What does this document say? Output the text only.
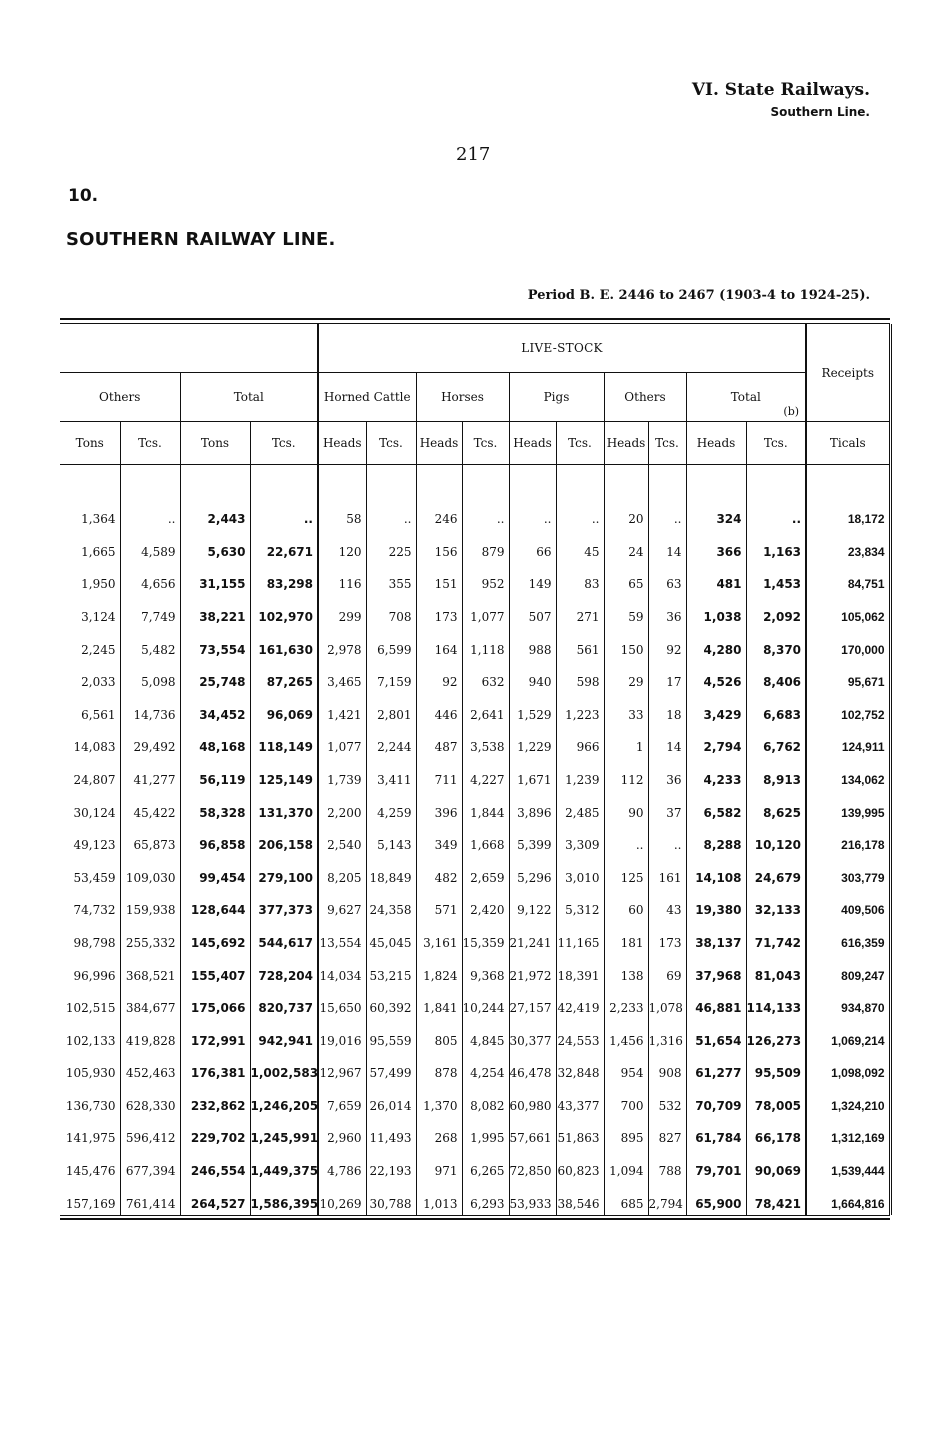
VI. State Railways.
Southern Line.
217
10.
SOUTHERN RAILWAY LINE.
Period B. E. 2446 to 2467 (1903-4 to 1924-25).
				LIVE-STOCK										Receipts
Others		Total		Horned Cattle		Horses		Pigs		Others		Total
(b)		

Tons	Tcs.	Tons	Tcs.	Heads	Tcs.	Heads	Tcs.	Heads	Tcs.	Heads	Tcs.	Heads	Tcs.	Ticals

1,364	..	2,443	..	58	..	246	..	..	..	20	..	324	..	18,172
1,665	4,589	5,630	22,671	120	225	156	879	66	45	24	14	366	1,163	23,834
1,950	4,656	31,155	83,298	116	355	151	952	149	83	65	63	481	1,453	84,751
3,124	7,749	38,221	102,970	299	708	173	1,077	507	271	59	36	1,038	2,092	105,062
2,245	5,482	73,554	161,630	2,978	6,599	164	1,118	988	561	150	92	4,280	8,370	170,000
2,033	5,098	25,748	87,265	3,465	7,159	92	632	940	598	29	17	4,526	8,406	95,671
6,561	14,736	34,452	96,069	1,421	2,801	446	2,641	1,529	1,223	33	18	3,429	6,683	102,752
14,083	29,492	48,168	118,149	1,077	2,244	487	3,538	1,229	966	1	14	2,794	6,762	124,911
24,807	41,277	56,119	125,149	1,739	3,411	711	4,227	1,671	1,239	112	36	4,233	8,913	134,062
30,124	45,422	58,328	131,370	2,200	4,259	396	1,844	3,896	2,485	90	37	6,582	8,625	139,995
49,123	65,873	96,858	206,158	2,540	5,143	349	1,668	5,399	3,309	..	..	8,288	10,120	216,178
53,459	109,030	99,454	279,100	8,205	18,849	482	2,659	5,296	3,010	125	161	14,108	24,679	303,779
74,732	159,938	128,644	377,373	9,627	24,358	571	2,420	9,122	5,312	60	43	19,380	32,133	409,506
98,798	255,332	145,692	544,617	13,554	45,045	3,161	15,359	21,241	11,165	181	173	38,137	71,742	616,359
96,996	368,521	155,407	728,204	14,034	53,215	1,824	9,368	21,972	18,391	138	69	37,968	81,043	809,247
102,515	384,677	175,066	820,737	15,650	60,392	1,841	10,244	27,157	42,419	2,233	1,078	46,881	114,133	934,870
102,133	419,828	172,991	942,941	19,016	95,559	805	4,845	30,377	24,553	1,456	1,316	51,654	126,273	1,069,214
105,930	452,463	176,381	1,002,583	12,967	57,499	878	4,254	46,478	32,848	954	908	61,277	95,509	1,098,092
136,730	628,330	232,862	1,246,205	7,659	26,014	1,370	8,082	60,980	43,377	700	532	70,709	78,005	1,324,210
141,975	596,412	229,702	1,245,991	2,960	11,493	268	1,995	57,661	51,863	895	827	61,784	66,178	1,312,169
145,476	677,394	246,554	1,449,375	4,786	22,193	971	6,265	72,850	60,823	1,094	788	79,701	90,069	1,539,444
157,169	761,414	264,527	1,586,395	10,269	30,788	1,013	6,293	53,933	38,546	685	2,794	65,900	78,421	1,664,816
